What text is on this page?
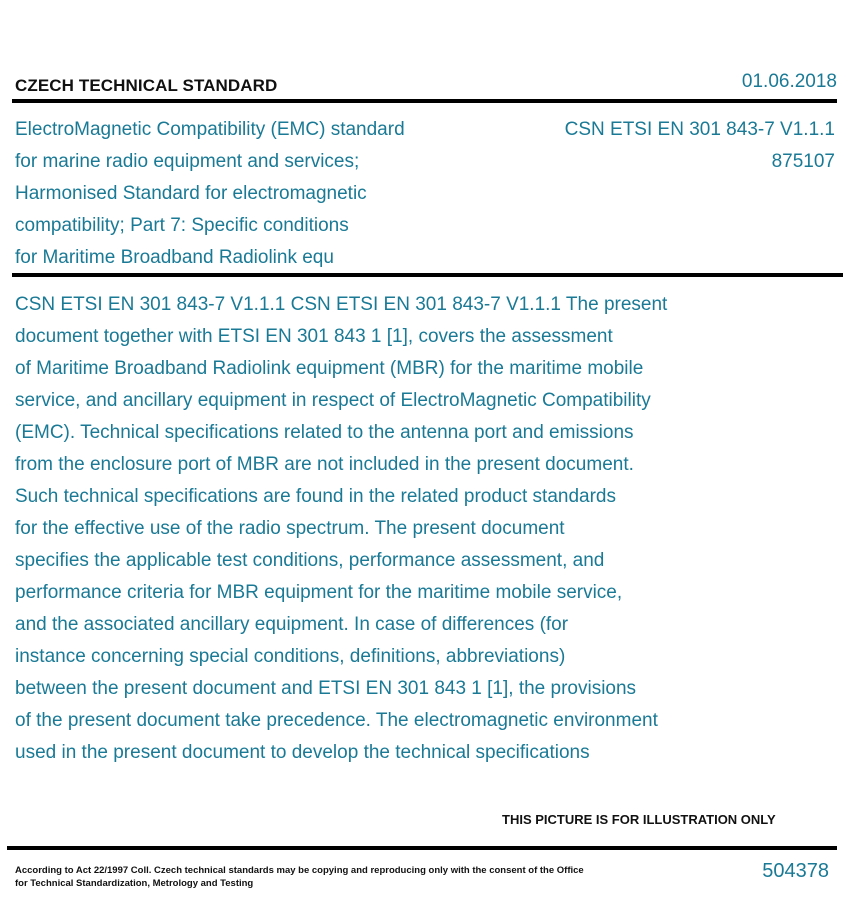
CZECH TECHNICAL STANDARD	01.06.2018
ElectroMagnetic Compatibility (EMC) standard
for marine radio equipment and services;
Harmonised Standard for electromagnetic
compatibility; Part 7: Specific conditions
for Maritime Broadband Radiolink equ
CSN ETSI EN 301 843-7 V1.1.1
875107
CSN ETSI EN 301 843-7 V1.1.1 CSN ETSI EN 301 843-7 V1.1.1 The present
document together with ETSI EN 301 843 1 [1], covers the assessment
of Maritime Broadband Radiolink equipment (MBR) for the maritime mobile
service, and ancillary equipment in respect of ElectroMagnetic Compatibility
(EMC). Technical specifications related to the antenna port and emissions
from the enclosure port of MBR are not included in the present document.
Such technical specifications are found in the related product standards
for the effective use of the radio spectrum. The present document
specifies the applicable test conditions, performance assessment, and
performance criteria for MBR equipment for the maritime mobile service,
and the associated ancillary equipment. In case of differences (for
instance concerning special conditions, definitions, abbreviations)
between the present document and ETSI EN 301 843 1 [1], the provisions
of the present document take precedence. The electromagnetic environment
used in the present document to develop the technical specifications
THIS PICTURE IS FOR ILLUSTRATION ONLY
According to Act 22/1997 Coll. Czech technical standards may be copying and reproducing only with the consent of the Office
for Technical Standardization, Metrology and Testing
504378
